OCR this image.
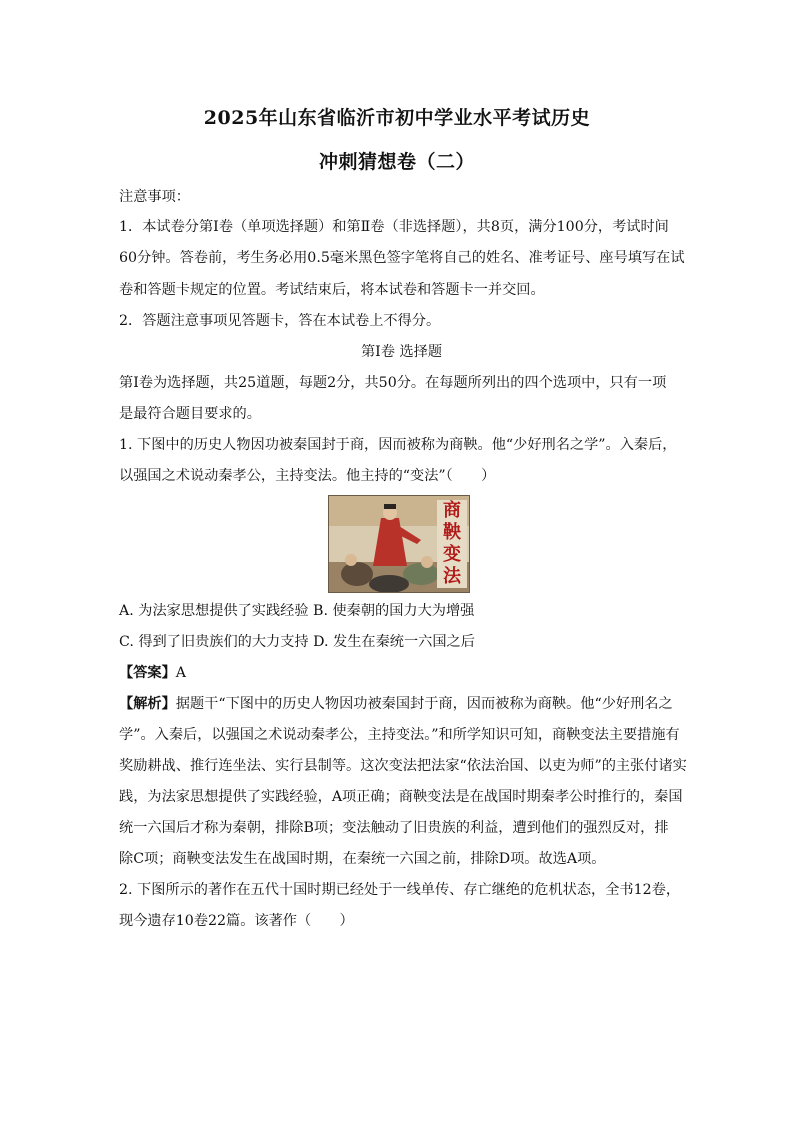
2025年山东省临沂市初中学业水平考试历史
冲刺猜想卷（二）
注意事项：
1．本试卷分第Ⅰ卷（单项选择题）和第Ⅱ卷（非选择题），共8页，满分100分，考试时间
60分钟。答卷前，考生务必用0.5毫米黑色签字笔将自己的姓名、准考证号、座号填写在试
卷和答题卡规定的位置。考试结束后，将本试卷和答题卡一并交回。
2．答题注意事项见答题卡，答在本试卷上不得分。
第Ⅰ卷 选择题
第Ⅰ卷为选择题，共25道题，每题2分，共50分。在每题所列出的四个选项中，只有一项
是最符合题目要求的。
1. 下图中的历史人物因功被秦国封于商，因而被称为商鞅。他“少好刑名之学”。入秦后，
以强国之术说动秦孝公，主持变法。他主持的“变法”（　　）
商
鞅
变
法
A. 为法家思想提供了实践经验 B. 使秦朝的国力大为增强
C. 得到了旧贵族们的大力支持 D. 发生在秦统一六国之后
【答案】A
【解析】据题干“下图中的历史人物因功被秦国封于商，因而被称为商鞅。他“少好刑名之
学”。入秦后，以强国之术说动秦孝公，主持变法。”和所学知识可知，商鞅变法主要措施有
奖励耕战、推行连坐法、实行县制等。这次变法把法家“依法治国、以吏为师”的主张付诸实
践，为法家思想提供了实践经验，A项正确；商鞅变法是在战国时期秦孝公时推行的，秦国
统一六国后才称为秦朝，排除B项；变法触动了旧贵族的利益，遭到他们的强烈反对，排
除C项；商鞅变法发生在战国时期，在秦统一六国之前，排除D项。故选A项。
2. 下图所示的著作在五代十国时期已经处于一线单传、存亡继绝的危机状态，全书12卷，
现今遗存10卷22篇。该著作（　　）
